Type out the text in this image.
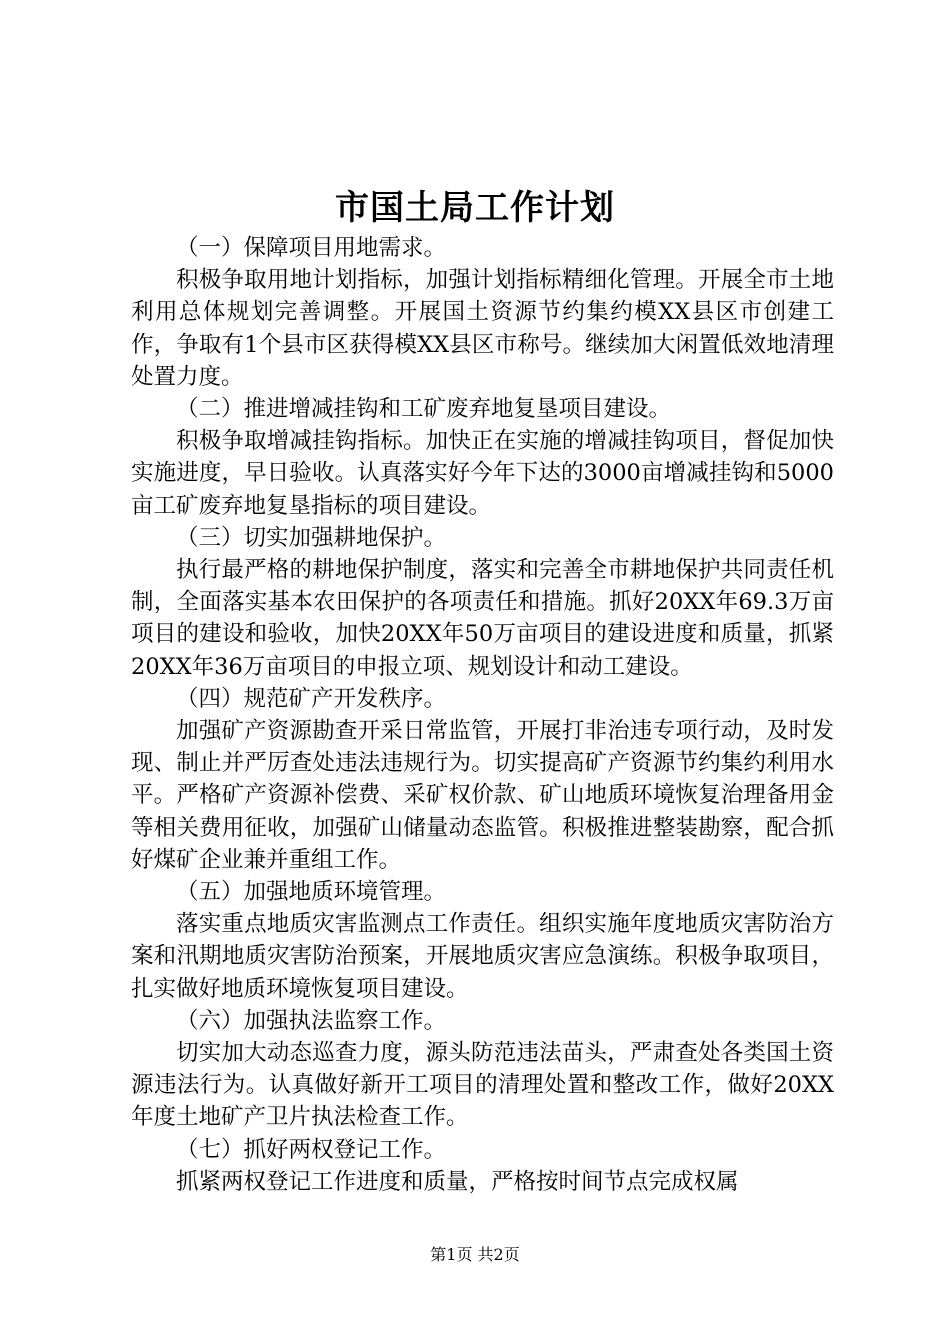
市国土局工作计划

（一）保障项目用地需求。

积极争取用地计划指标，加强计划指标精细化管理。开展全市土地利用总体规划完善调整。开展国土资源节约集约模XX县区市创建工作，争取有1个县市区获得模XX县区市称号。继续加大闲置低效地清理处置力度。

（二）推进增减挂钩和工矿废弃地复垦项目建设。

积极争取增减挂钩指标。加快正在实施的增减挂钩项目，督促加快实施进度，早日验收。认真落实好今年下达的3000亩增减挂钩和5000亩工矿废弃地复垦指标的项目建设。

（三）切实加强耕地保护。

执行最严格的耕地保护制度，落实和完善全市耕地保护共同责任机制，全面落实基本农田保护的各项责任和措施。抓好20XX年69.3万亩项目的建设和验收，加快20XX年50万亩项目的建设进度和质量，抓紧20XX年36万亩项目的申报立项、规划设计和动工建设。

（四）规范矿产开发秩序。

加强矿产资源勘查开采日常监管，开展打非治违专项行动，及时发现、制止并严厉查处违法违规行为。切实提高矿产资源节约集约利用水平。严格矿产资源补偿费、采矿权价款、矿山地质环境恢复治理备用金等相关费用征收，加强矿山储量动态监管。积极推进整装勘察，配合抓好煤矿企业兼并重组工作。

（五）加强地质环境管理。

落实重点地质灾害监测点工作责任。组织实施年度地质灾害防治方案和汛期地质灾害防治预案，开展地质灾害应急演练。积极争取项目，扎实做好地质环境恢复项目建设。

（六）加强执法监察工作。

切实加大动态巡查力度，源头防范违法苗头，严肃查处各类国土资源违法行为。认真做好新开工项目的清理处置和整改工作，做好20XX年度土地矿产卫片执法检查工作。

（七）抓好两权登记工作。

抓紧两权登记工作进度和质量，严格按时间节点完成权属

第1页 共2页
